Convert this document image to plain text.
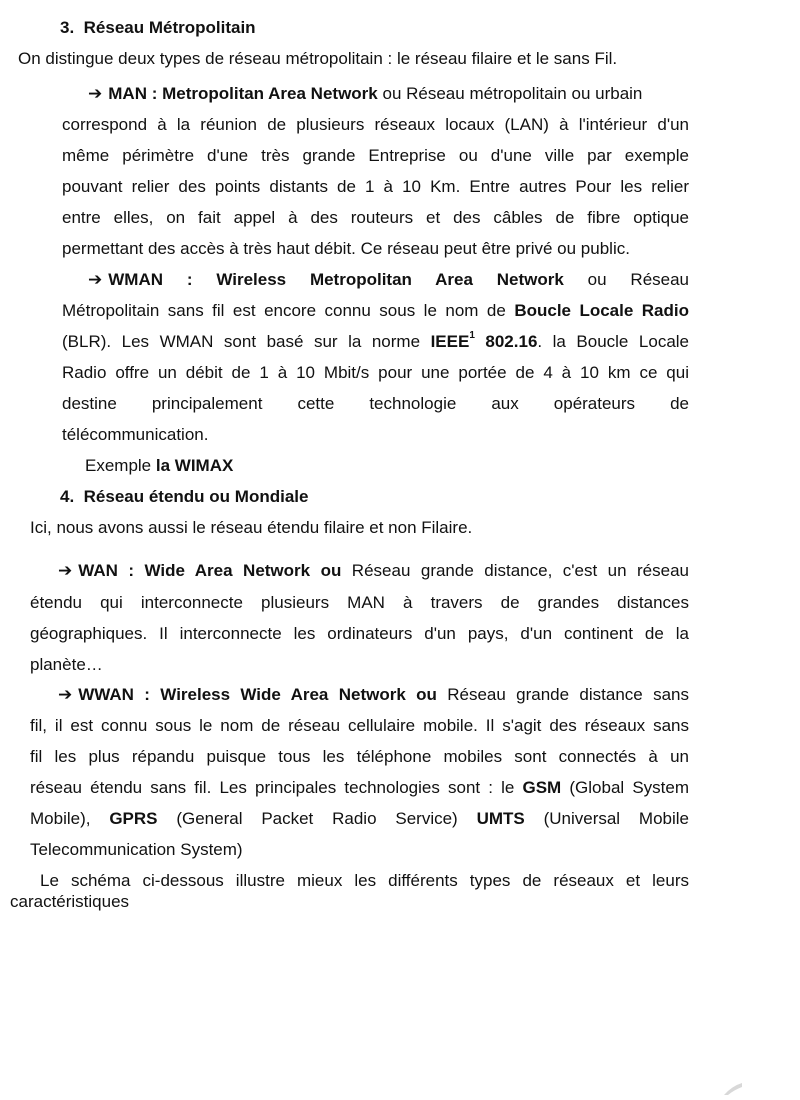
3. Réseau Métropolitain
On distingue deux types de réseau métropolitain : le réseau filaire et le sans Fil.
➔ MAN : Metropolitan Area Network ou Réseau métropolitain ou urbain
correspond à la réunion de plusieurs réseaux locaux (LAN) à l'intérieur d'un
même périmètre d'une très grande Entreprise ou d'une ville par exemple
pouvant relier des points distants de 1 à 10 Km. Entre autres Pour les relier
entre elles, on fait appel à des routeurs et des câbles de fibre optique
permettant des accès à très haut débit. Ce réseau peut être privé ou public.
➔ WMAN : Wireless Metropolitan Area Network ou Réseau
Métropolitain sans fil est encore connu sous le nom de Boucle Locale Radio
(BLR). Les WMAN sont basé sur la norme IEEE$^1$ 802.16. la Boucle Locale
Radio offre un débit de 1 à 10 Mbit/s pour une portée de 4 à 10 km ce qui
destine principalement cette technologie aux opérateurs de
télécommunication.
Exemple la WIMAX
4. Réseau étendu ou Mondiale
Ici, nous avons aussi le réseau étendu filaire et non Filaire.
➔ WAN : Wide Area Network ou Réseau grande distance, c'est un réseau
étendu qui interconnecte plusieurs MAN à travers de grandes distances
géographiques. Il interconnecte les ordinateurs d'un pays, d'un continent de la
planète…
➔ WWAN : Wireless Wide Area Network ou Réseau grande distance sans
fil, il est connu sous le nom de réseau cellulaire mobile. Il s'agit des réseaux sans
fil les plus répandu puisque tous les téléphone mobiles sont connectés à un
réseau étendu sans fil. Les principales technologies sont : le GSM (Global System
Mobile), GPRS (General Packet Radio Service) UMTS (Universal Mobile
Telecommunication System)
Le schéma ci-dessous illustre mieux les différents types de réseaux et leurs
caractéristiques
